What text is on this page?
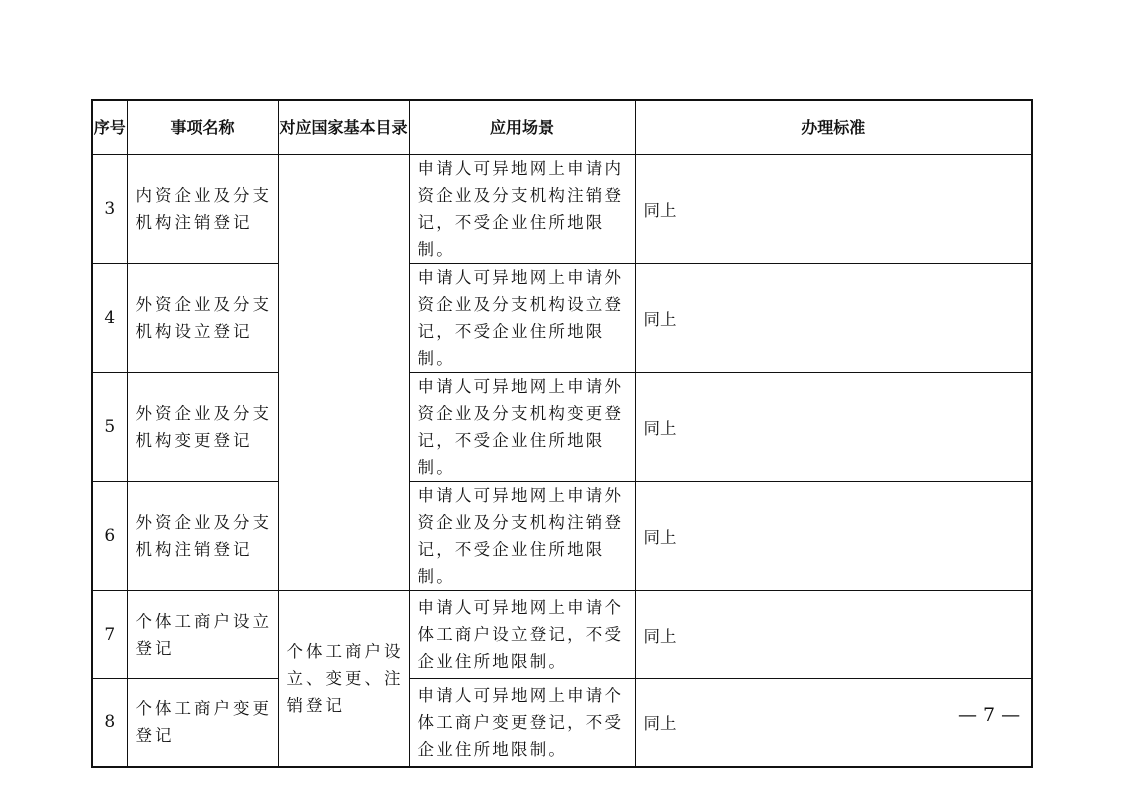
序号	事项名称	对应国家基本目录	应用场景	办理标准
3	内资企业及分支机构注销登记		申请人可异地网上申请内资企业及分支机构注销登记，不受企业住所地限制。	同上
4	外资企业及分支机构设立登记		申请人可异地网上申请外资企业及分支机构设立登记，不受企业住所地限制。	同上
5	外资企业及分支机构变更登记		申请人可异地网上申请外资企业及分支机构变更登记，不受企业住所地限制。	同上
6	外资企业及分支机构注销登记		申请人可异地网上申请外资企业及分支机构注销登记，不受企业住所地限制。	同上
7	个体工商户设立登记	个体工商户设立、变更、注销登记	申请人可异地网上申请个体工商户设立登记，不受企业住所地限制。	同上
8	个体工商户变更登记		申请人可异地网上申请个体工商户变更登记，不受企业住所地限制。	同上	— 7 —
